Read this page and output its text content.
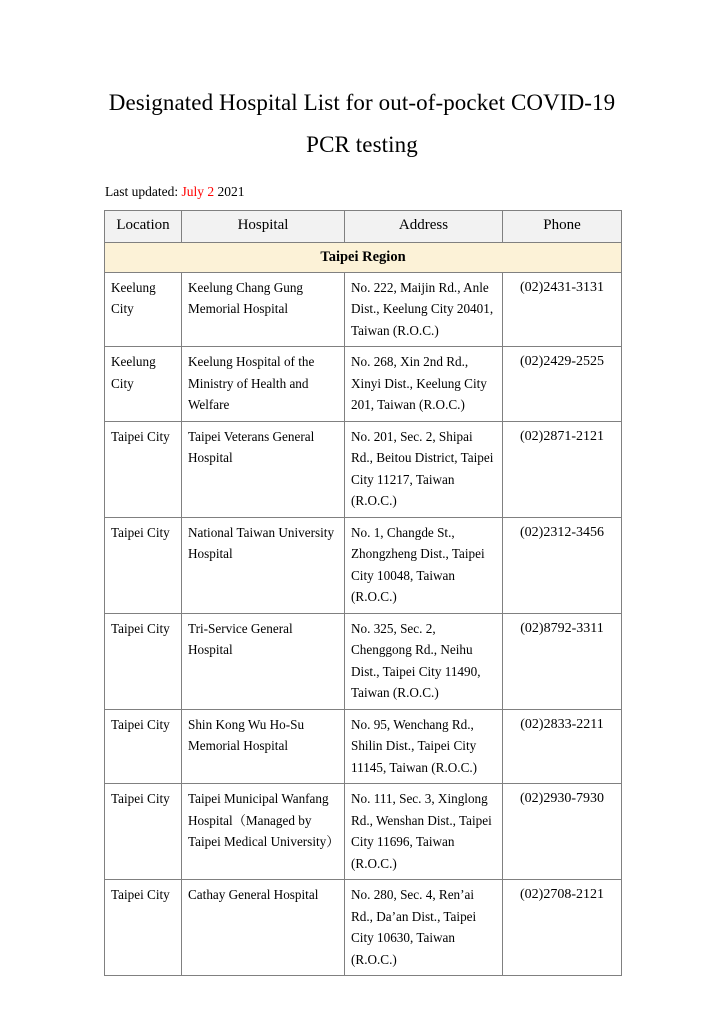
Designated Hospital List for out-of-pocket COVID-19
PCR testing

Last updated: July 2 2021

Location	Hospital	Address	Phone
Taipei Region			
Keelung City	Keelung Chang Gung Memorial Hospital	No. 222, Maijin Rd., Anle Dist., Keelung City 20401, Taiwan (R.O.C.)	(02)2431-3131
Keelung City	Keelung Hospital of the Ministry of Health and Welfare	No. 268, Xin 2nd Rd., Xinyi Dist., Keelung City 201, Taiwan (R.O.C.)	(02)2429-2525
Taipei City	Taipei Veterans General Hospital	No. 201, Sec. 2, Shipai Rd., Beitou District, Taipei City 11217, Taiwan (R.O.C.)	(02)2871-2121
Taipei City	National Taiwan University Hospital	No. 1, Changde St., Zhongzheng Dist., Taipei City 10048, Taiwan (R.O.C.)	(02)2312-3456
Taipei City	Tri-Service General Hospital	No. 325, Sec. 2, Chenggong Rd., Neihu Dist., Taipei City 11490, Taiwan (R.O.C.)	(02)8792-3311
Taipei City	Shin Kong Wu Ho-Su Memorial Hospital	No. 95, Wenchang Rd., Shilin Dist., Taipei City 11145, Taiwan (R.O.C.)	(02)2833-2211
Taipei City	Taipei Municipal Wanfang Hospital（Managed by Taipei Medical University）	No. 111, Sec. 3, Xinglong Rd., Wenshan Dist., Taipei City 11696, Taiwan (R.O.C.)	(02)2930-7930
Taipei City	Cathay General Hospital	No. 280, Sec. 4, Ren’ai Rd., Da’an Dist., Taipei City 10630, Taiwan (R.O.C.)	(02)2708-2121
